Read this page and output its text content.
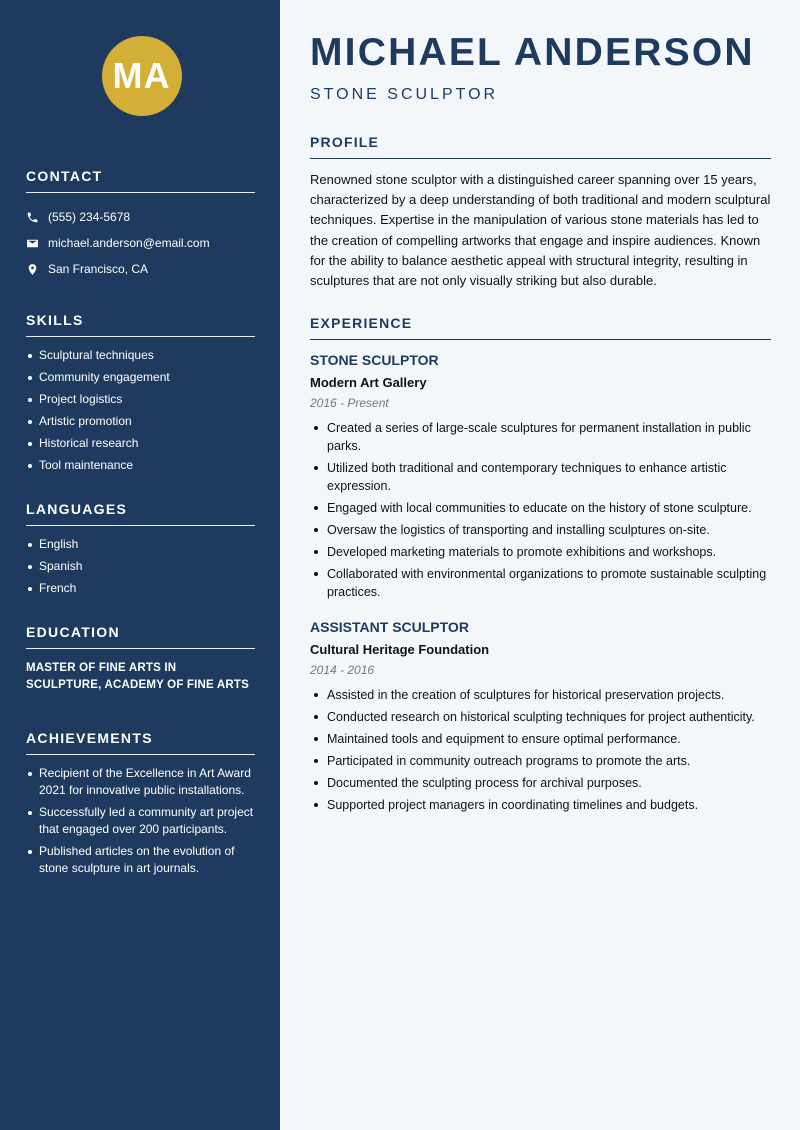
MA
CONTACT
(555) 234-5678
michael.anderson@email.com
San Francisco, CA
SKILLS
Sculptural techniques
Community engagement
Project logistics
Artistic promotion
Historical research
Tool maintenance
LANGUAGES
English
Spanish
French
EDUCATION
MASTER OF FINE ARTS IN SCULPTURE, ACADEMY OF FINE ARTS
ACHIEVEMENTS
Recipient of the Excellence in Art Award 2021 for innovative public installations.
Successfully led a community art project that engaged over 200 participants.
Published articles on the evolution of stone sculpture in art journals.
MICHAEL ANDERSON
STONE SCULPTOR
PROFILE

Renowned stone sculptor with a distinguished career spanning over 15 years, characterized by a deep understanding of both traditional and modern sculptural techniques. Expertise in the manipulation of various stone materials has led to the creation of compelling artworks that engage and inspire audiences. Known for the ability to balance aesthetic appeal with structural integrity, resulting in sculptures that are not only visually striking but also durable.

EXPERIENCE
STONE SCULPTOR
Modern Art Gallery
2016 - Present
Created a series of large-scale sculptures for permanent installation in public parks.
Utilized both traditional and contemporary techniques to enhance artistic expression.
Engaged with local communities to educate on the history of stone sculpture.
Oversaw the logistics of transporting and installing sculptures on-site.
Developed marketing materials to promote exhibitions and workshops.
Collaborated with environmental organizations to promote sustainable sculpting practices.
ASSISTANT SCULPTOR
Cultural Heritage Foundation
2014 - 2016
Assisted in the creation of sculptures for historical preservation projects.
Conducted research on historical sculpting techniques for project authenticity.
Maintained tools and equipment to ensure optimal performance.
Participated in community outreach programs to promote the arts.
Documented the sculpting process for archival purposes.
Supported project managers in coordinating timelines and budgets.
